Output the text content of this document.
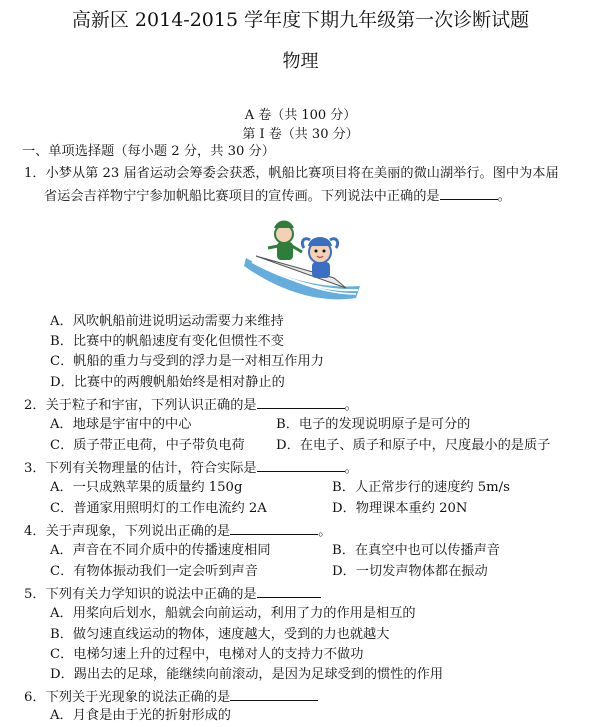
高新区 2014-2015 学年度下期九年级第一次诊断试题
物理
A 卷（共 100 分）
第 I 卷（共 30 分）
一、单项选择题（每小题 2 分，共 30 分）
1．小梦从第 23 届省运动会筹委会获悉，帆船比赛项目将在美丽的微山湖举行。图中为本届
省运会吉祥物宁宁参加帆船比赛项目的宣传画。下列说法中正确的是	。
A．风吹帆船前进说明运动需要力来维持
B．比赛中的帆船速度有变化但惯性不变
C．帆船的重力与受到的浮力是一对相互作用力
D．比赛中的两艘帆船始终是相对静止的
2．关于粒子和宇宙，下列认识正确的是	。
A．地球是宇宙中的中心	B．电子的发现说明原子是可分的
C．质子带正电荷，中子带负电荷 D．在电子、质子和原子中，尺度最小的是质子
3．下列有关物理量的估计，符合实际是	。
A．一只成熟苹果的质量约 150g	B．人正常步行的速度约 5m/s
C．普通家用照明灯的工作电流约 2A	D．物理课本重约 20N
4．关于声现象，下列说出正确的是	。
A．声音在不同介质中的传播速度相同	B．在真空中也可以传播声音
C．有物体振动我们一定会听到声音	D．一切发声物体都在振动
5．下列有关力学知识的说法中正确的是
A．用桨向后划水，船就会向前运动，利用了力的作用是相互的
B．做匀速直线运动的物体，速度越大，受到的力也就越大
C．电梯匀速上升的过程中，电梯对人的支持力不做功
D．踢出去的足球，能继续向前滚动，是因为足球受到的惯性的作用
6．下列关于光现象的说法正确的是
A．月食是由于光的折射形成的
